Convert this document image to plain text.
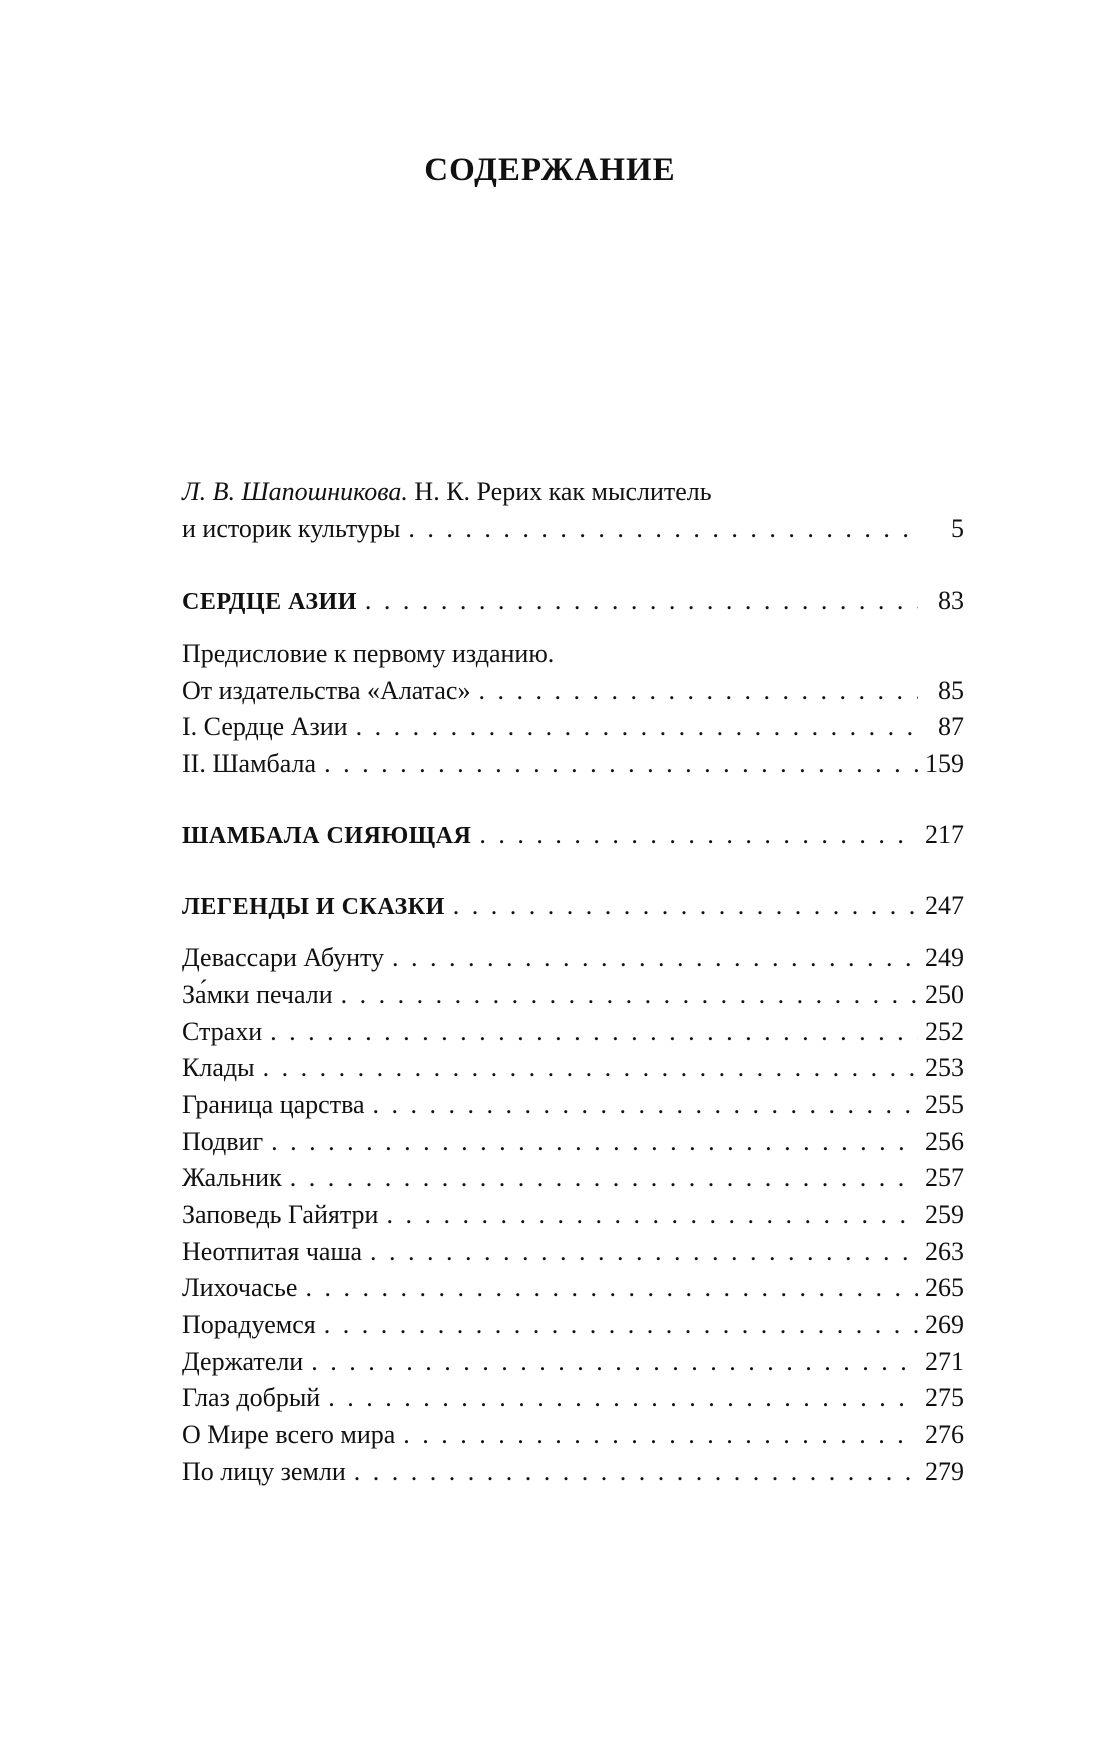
СОДЕРЖАНИЕ
Л. В. Шапошникова. Н. К. Рерих как мыслитель
и историк культуры . . .	5
СЕРДЦЕ АЗИИ . . .	83
Предисловие к первому изданию.
От издательства «Алатас» . . .	85
I. Сердце Азии . . .	87
II. Шамбала . . .	159
ШАМБАЛА СИЯЮЩАЯ . . .	217
ЛЕГЕНДЫ И СКАЗКИ . . .	247
Девассари Абунту . . .	249
За́мки печали . . .	250
Страхи . . .	252
Клады . . .	253
Граница царства . . .	255
Подвиг . . .	256
Жальник . . .	257
Заповедь Гайятри . . .	259
Неотпитая чаша . . .	263
Лихочасье . . .	265
Порадуемся . . .	269
Держатели . . .	271
Глаз добрый . . .	275
О Мире всего мира . . .	276
По лицу земли . . .	279
